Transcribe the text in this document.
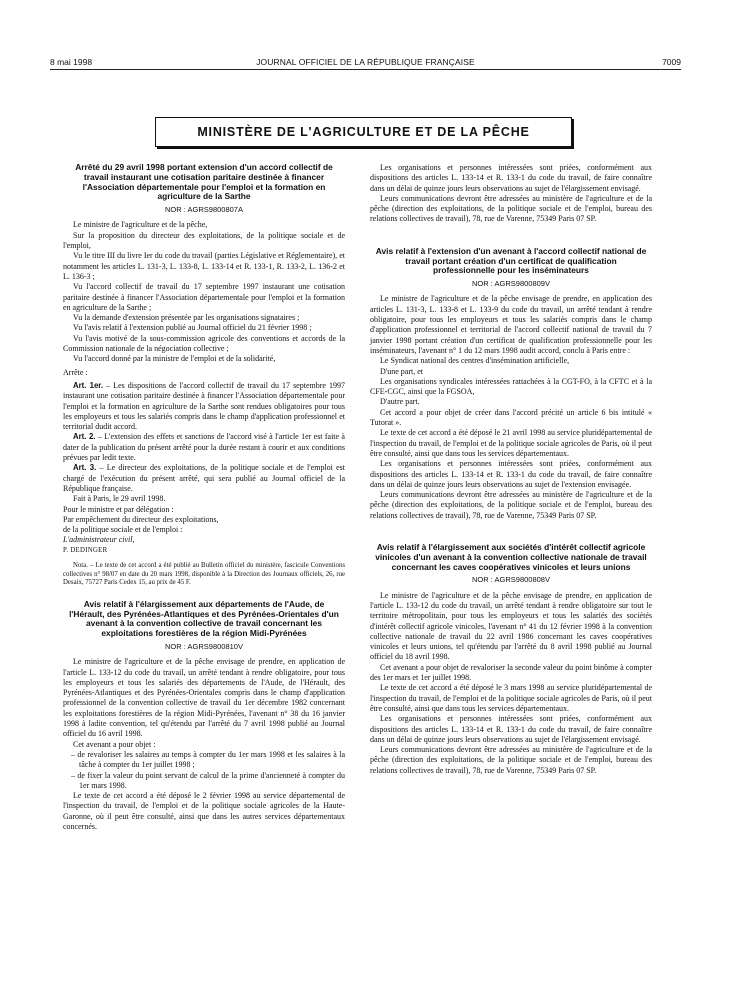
8 mai 1998	JOURNAL OFFICIEL DE LA RÉPUBLIQUE FRANÇAISE	7009
MINISTÈRE DE L'AGRICULTURE ET DE LA PÊCHE
Arrêté du 29 avril 1998 portant extension d'un accord collectif de travail instaurant une cotisation paritaire destinée à financer l'Association départementale pour l'emploi et la formation en agriculture de la Sarthe
NOR : AGRS9800807A

Le ministre de l'agriculture et de la pêche,

Sur la proposition du directeur des exploitations, de la politique sociale et de l'emploi,

Vu le titre III du livre Ier du code du travail (parties Législative et Réglementaire), et notamment les articles L. 131-3, L. 133-8, L. 133-14 et R. 133-1, R. 133-2, L. 136-2 et L. 136-3 ;

Vu l'accord collectif de travail du 17 septembre 1997 instaurant une cotisation paritaire destinée à financer l'Association départementale pour l'emploi et la formation en agriculture de la Sarthe ;

Vu la demande d'extension présentée par les organisations signataires ;

Vu l'avis relatif à l'extension publié au Journal officiel du 21 février 1998 ;

Vu l'avis motivé de la sous-commission agricole des conventions et accords de la Commission nationale de la négociation collective ;

Vu l'accord donné par la ministre de l'emploi et de la solidarité,

Arrête :

Art. 1er. – Les dispositions de l'accord collectif de travail du 17 septembre 1997 instaurant une cotisation paritaire destinée à financer l'Association départementale pour l'emploi et la formation en agriculture de la Sarthe sont rendues obligatoires pour tous les employeurs et tous les salariés compris dans le champ d'application professionnel et territorial dudit accord.

Art. 2. – L'extension des effets et sanctions de l'accord visé à l'article 1er est faite à dater de la publication du présent arrêté pour la durée restant à courir et aux conditions prévues par ledit texte.

Art. 3. – Le directeur des exploitations, de la politique sociale et de l'emploi est chargé de l'exécution du présent arrêté, qui sera publié au Journal officiel de la République française.

Fait à Paris, le 29 avril 1998.

Pour le ministre et par délégation :

Par empêchement du directeur des exploitations,

de la politique sociale et de l'emploi :

L'administrateur civil,

P. DEDINGER

Nota. – Le texte de cet accord a été publié au Bulletin officiel du ministère, fascicule Conventions collectives n° 98/07 en date du 20 mars 1998, disponible à la Direction des Journaux officiels, 26, rue Desaix, 75727 Paris Cedex 15, au prix de 45 F.

Avis relatif à l'élargissement aux départements de l'Aude, de l'Hérault, des Pyrénées-Atlantiques et des Pyrénées-Orientales d'un avenant à la convention collective de travail concernant les exploitations forestières de la région Midi-Pyrénées
NOR : AGRS9800810V

Le ministre de l'agriculture et de la pêche envisage de prendre, en application de l'article L. 133-12 du code du travail, un arrêté tendant à rendre obligatoire, pour tous les employeurs et tous les salariés des départements de l'Aude, de l'Hérault, des Pyrénées-Atlantiques et des Pyrénées-Orientales compris dans le champ d'application professionnel de la convention collective de travail du 1er décembre 1982 concernant les exploitations forestières de la région Midi-Pyrénées, l'avenant n° 38 du 16 janvier 1998 à ladite convention, tel qu'étendu par l'arrêté du 7 avril 1998 publié au Journal officiel du 16 avril 1998.

Cet avenant a pour objet :

– de revaloriser les salaires au temps à compter du 1er mars 1998 et les salaires à la tâche à compter du 1er juillet 1998 ;

– de fixer la valeur du point servant de calcul de la prime d'ancienneté à compter du 1er mars 1998.

Le texte de cet accord a été déposé le 2 février 1998 au service départemental de l'inspection du travail, de l'emploi et de la politique sociale agricoles de la Haute-Garonne, où il peut être consulté, ainsi que dans les autres services départementaux concernés.

Les organisations et personnes intéressées sont priées, conformément aux dispositions des articles L. 133-14 et R. 133-1 du code du travail, de faire connaître dans un délai de quinze jours leurs observations au sujet de l'élargissement envisagé.

Leurs communications devront être adressées au ministère de l'agriculture et de la pêche (direction des exploitations, de la politique sociale et de l'emploi, bureau des relations collectives de travail), 78, rue de Varenne, 75349 Paris 07 SP.

Avis relatif à l'extension d'un avenant à l'accord collectif national de travail portant création d'un certificat de qualification professionnelle pour les inséminateurs
NOR : AGRS9800809V

Le ministre de l'agriculture et de la pêche envisage de prendre, en application des articles L. 131-3, L. 133-8 et L. 133-9 du code du travail, un arrêté tendant à rendre obligatoire, pour tous les employeurs et tous les salariés compris dans le champ d'application professionnel et territorial de l'accord collectif national de travail du 7 janvier 1998 portant création d'un certificat de qualification professionnelle pour les inséminateurs, l'avenant n° 1 du 12 mars 1998 audit accord, conclu à Paris entre :

Le Syndicat national des centres d'insémination artificielle,

D'une part, et

Les organisations syndicales intéressées rattachées à la CGT-FO, à la CFTC et à la CFE-CGC, ainsi que la FGSOA,

D'autre part.

Cet accord a pour objet de créer dans l'accord précité un article 6 bis intitulé « Tutorat ».

Le texte de cet accord a été déposé le 21 avril 1998 au service pluridépartemental de l'inspection du travail, de l'emploi et de la politique sociale agricoles de Paris, où il peut être consulté, ainsi que dans tous les services départementaux.

Les organisations et personnes intéressées sont priées, conformément aux dispositions des articles L. 133-14 et R. 133-1 du code du travail, de faire connaître dans un délai de quinze jours leurs observations au sujet de l'extension envisagée.

Leurs communications devront être adressées au ministère de l'agriculture et de la pêche (direction des exploitations, de la politique sociale et de l'emploi, bureau des relations collectives de travail), 78, rue de Varenne, 75349 Paris 07 SP.

Avis relatif à l'élargissement aux sociétés d'intérêt collectif agricole vinicoles d'un avenant à la convention collective nationale de travail concernant les caves coopératives vinicoles et leurs unions
NOR : AGRS9800808V

Le ministre de l'agriculture et de la pêche envisage de prendre, en application de l'article L. 133-12 du code du travail, un arrêté tendant à rendre obligatoire sur tout le territoire métropolitain, pour tous les employeurs et tous les salariés des sociétés d'intérêt collectif agricole vinicoles, l'avenant n° 41 du 12 février 1998 à la convention collective nationale de travail du 22 avril 1986 concernant les caves coopératives vinicoles et leurs unions, tel qu'étendu par l'arrêté du 8 avril 1998 publié au Journal officiel du 18 avril 1998.

Cet avenant a pour objet de revaloriser la seconde valeur du point binôme à compter des 1er mars et 1er juillet 1998.

Le texte de cet accord a été déposé le 3 mars 1998 au service pluridépartemental de l'inspection du travail, de l'emploi et de la politique sociale agricoles de Paris, où il peut être consulté, ainsi que dans tous les services départementaux.

Les organisations et personnes intéressées sont priées, conformément aux dispositions des articles L. 133-14 et R. 133-1 du code du travail, de faire connaître dans un délai de quinze jours leurs observations au sujet de l'élargissement envisagé.

Leurs communications devront être adressées au ministère de l'agriculture et de la pêche (direction des exploitations, de la politique sociale et de l'emploi, bureau des relations collectives de travail), 78, rue de Varenne, 75349 Paris 07 SP.
